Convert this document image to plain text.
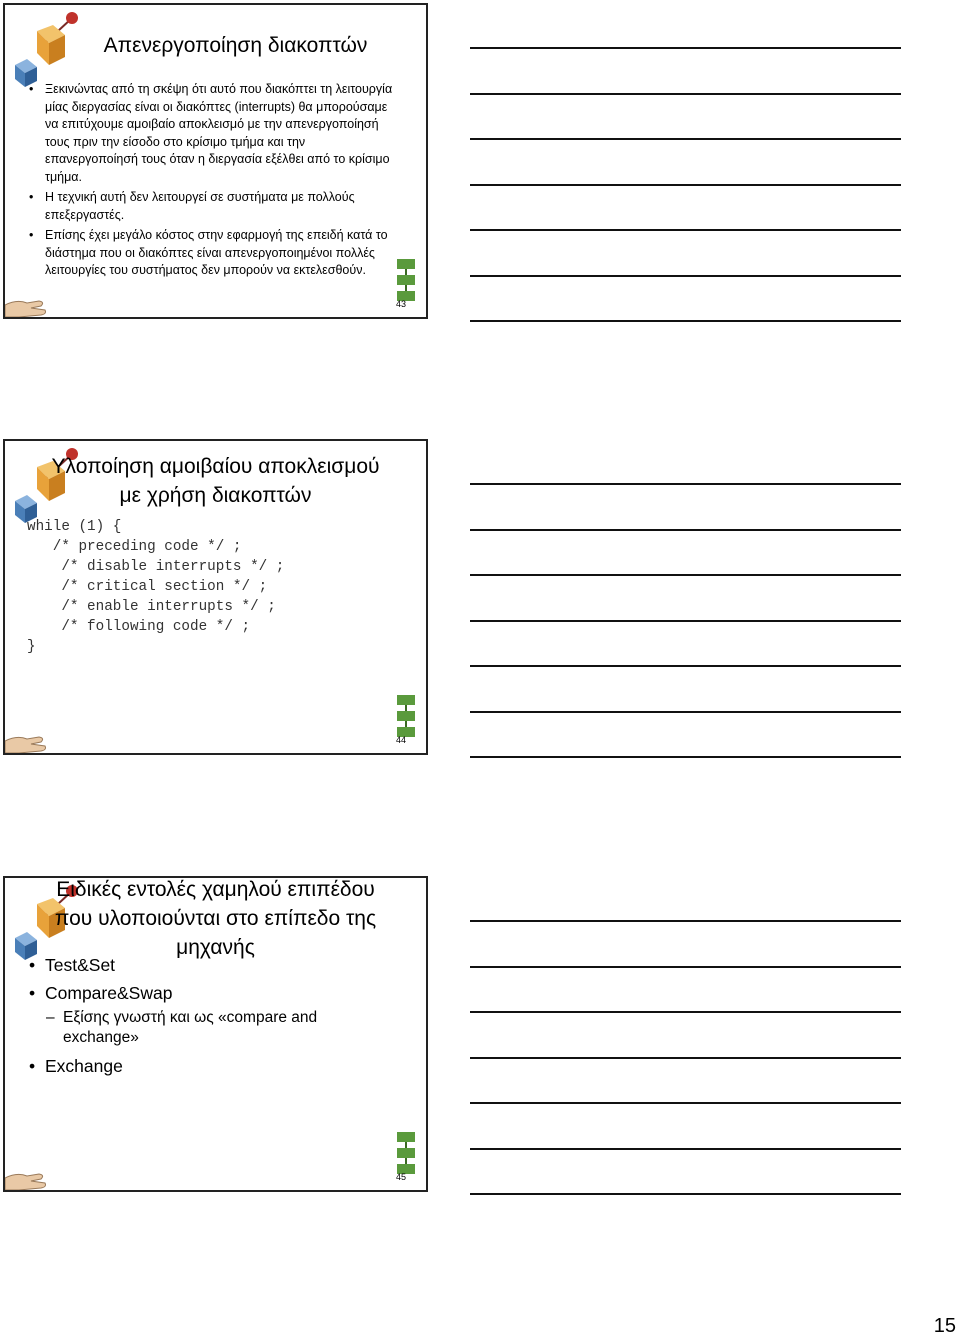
Απενεργοποίηση διακοπτών
• Ξεκινώντας από τη σκέψη ότι αυτό που διακόπτει τη λειτουργία μίας διεργασίας είναι οι διακόπτες (interrupts) θα μπορούσαμε να επιτύχουμε αμοιβαίο αποκλεισμό με την απενεργοποίησή τους πριν την είσοδο στο κρίσιμο τμήμα και την επανεργοποίησή τους όταν η διεργασία εξέλθει από το κρίσιμο τμήμα.
• Η τεχνική αυτή δεν λειτουργεί σε συστήματα με πολλούς επεξεργαστές.
• Επίσης έχει μεγάλο κόστος στην εφαρμογή της επειδή κατά το διάστημα που οι διακόπτες είναι απενεργοποιημένοι πολλές λειτουργίες του συστήματος δεν μπορούν να εκτελεσθούν.
43
Υλοποίηση αμοιβαίου αποκλεισμού
με χρήση διακοπτών
while (1) {
/* preceding code */ ;
/* disable interrupts */ ;
/* critical section */ ;
/* enable interrupts */ ;
/* following code */ ;
}
44
Ειδικές εντολές χαμηλού επιπέδου
που υλοποιούνται στο επίπεδο της
μηχανής
• Test&Set
• Compare&Swap
– Εξίσης γνωστή και ως «compare and exchange»
• Exchange
45
15
